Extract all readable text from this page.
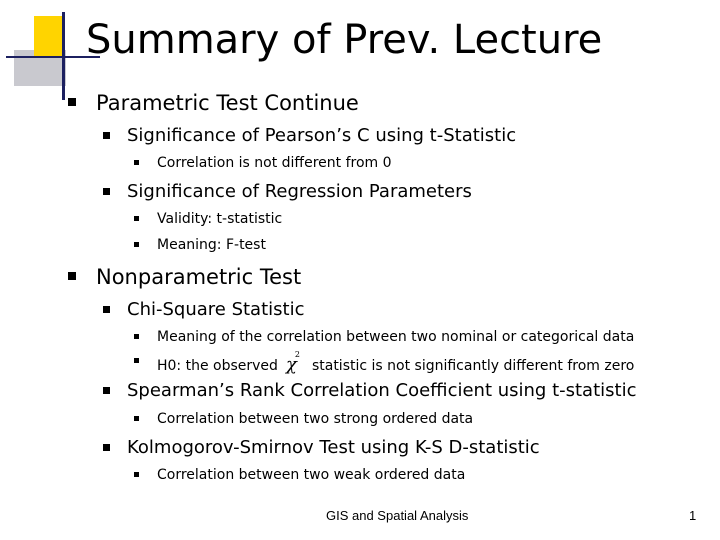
Summary of Prev. Lecture
Parametric Test Continue
Significance of Pearson’s C using t-Statistic
Correlation is not different from 0
Significance of Regression Parameters
Validity: t-statistic
Meaning: F-test
Nonparametric Test
Chi-Square Statistic
Meaning of the correlation between two nominal or categorical data
H0: the observed $\chi^2statistic$ is not significantly different from zero
Spearman’s Rank Correlation Coefficient using t-statistic
Correlation between two strong ordered data
Kolmogorov-Smirnov Test using K-S D-statistic
Correlation between two weak ordered data
GIS and Spatial Analysis	1
